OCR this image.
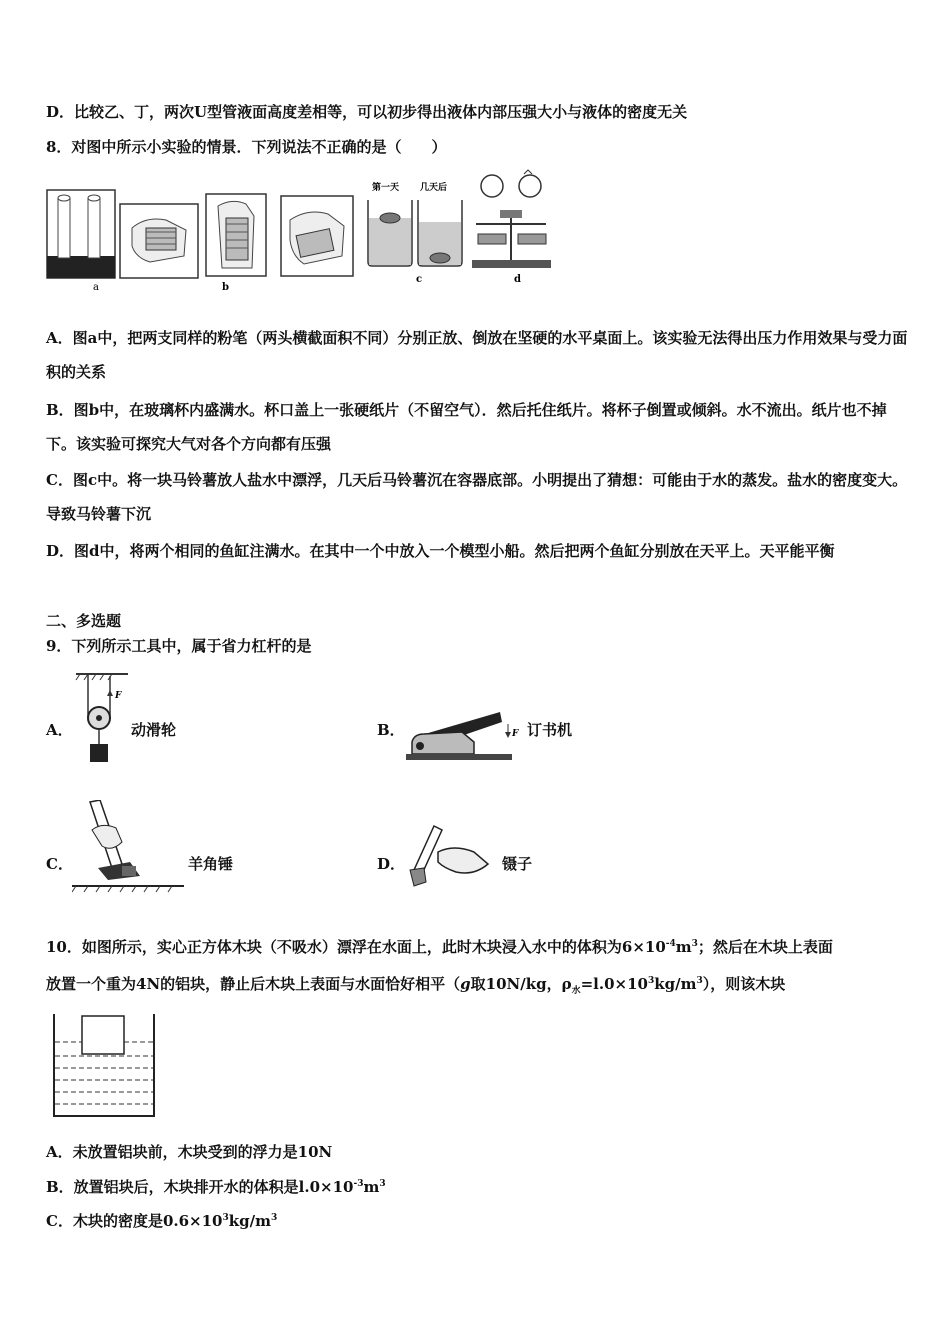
D．比较乙、丁，两次U型管液面高度差相等，可以初步得出液体内部压强大小与液体的密度无关
8．对图中所示小实验的情景．下列说法不正确的是（　　）
a	b
c	d
第一天 几天后
A．图a中，把两支同样的粉笔（两头横截面积不同）分别正放、倒放在坚硬的水平桌面上。该实验无法得出压力作用效果与受力面积的关系
B．图b中，在玻璃杯内盛满水。杯口盖上一张硬纸片（不留空气）．然后托住纸片。将杯子倒置或倾斜。水不流出。纸片也不掉下。该实验可探究大气对各个方向都有压强
C．图c中。将一块马铃薯放人盐水中漂浮，几天后马铃薯沉在容器底部。小明提出了猜想：可能由于水的蒸发。盐水的密度变大。导致马铃薯下沉
D．图d中，将两个相同的鱼缸注满水。在其中一个中放入一个模型小船。然后把两个鱼缸分别放在天平上。天平能平衡
二、多选题
9．下列所示工具中，属于省力杠杆的是
A．
F
动滑轮	B．	F 订书机
C．	羊角锤	D．	镊子
10．如图所示，实心正方体木块（不吸水）漂浮在水面上，此时木块浸入水中的体积为$6\times 10^{-4}m^3$；然后在木块上表面
放置一个重为4N的铝块，静止后木块上表面与水面恰好相平（g取10N/kg，$\rho_水=l.0\times 10^3kg/m^3$），则该木块
A．未放置铝块前，木块受到的浮力是10N
B．放置铝块后，木块排开水的体积是$l.0\times 10^{-3}m^3$
C．木块的密度是$0.6\times 10^3kg/m^3$
